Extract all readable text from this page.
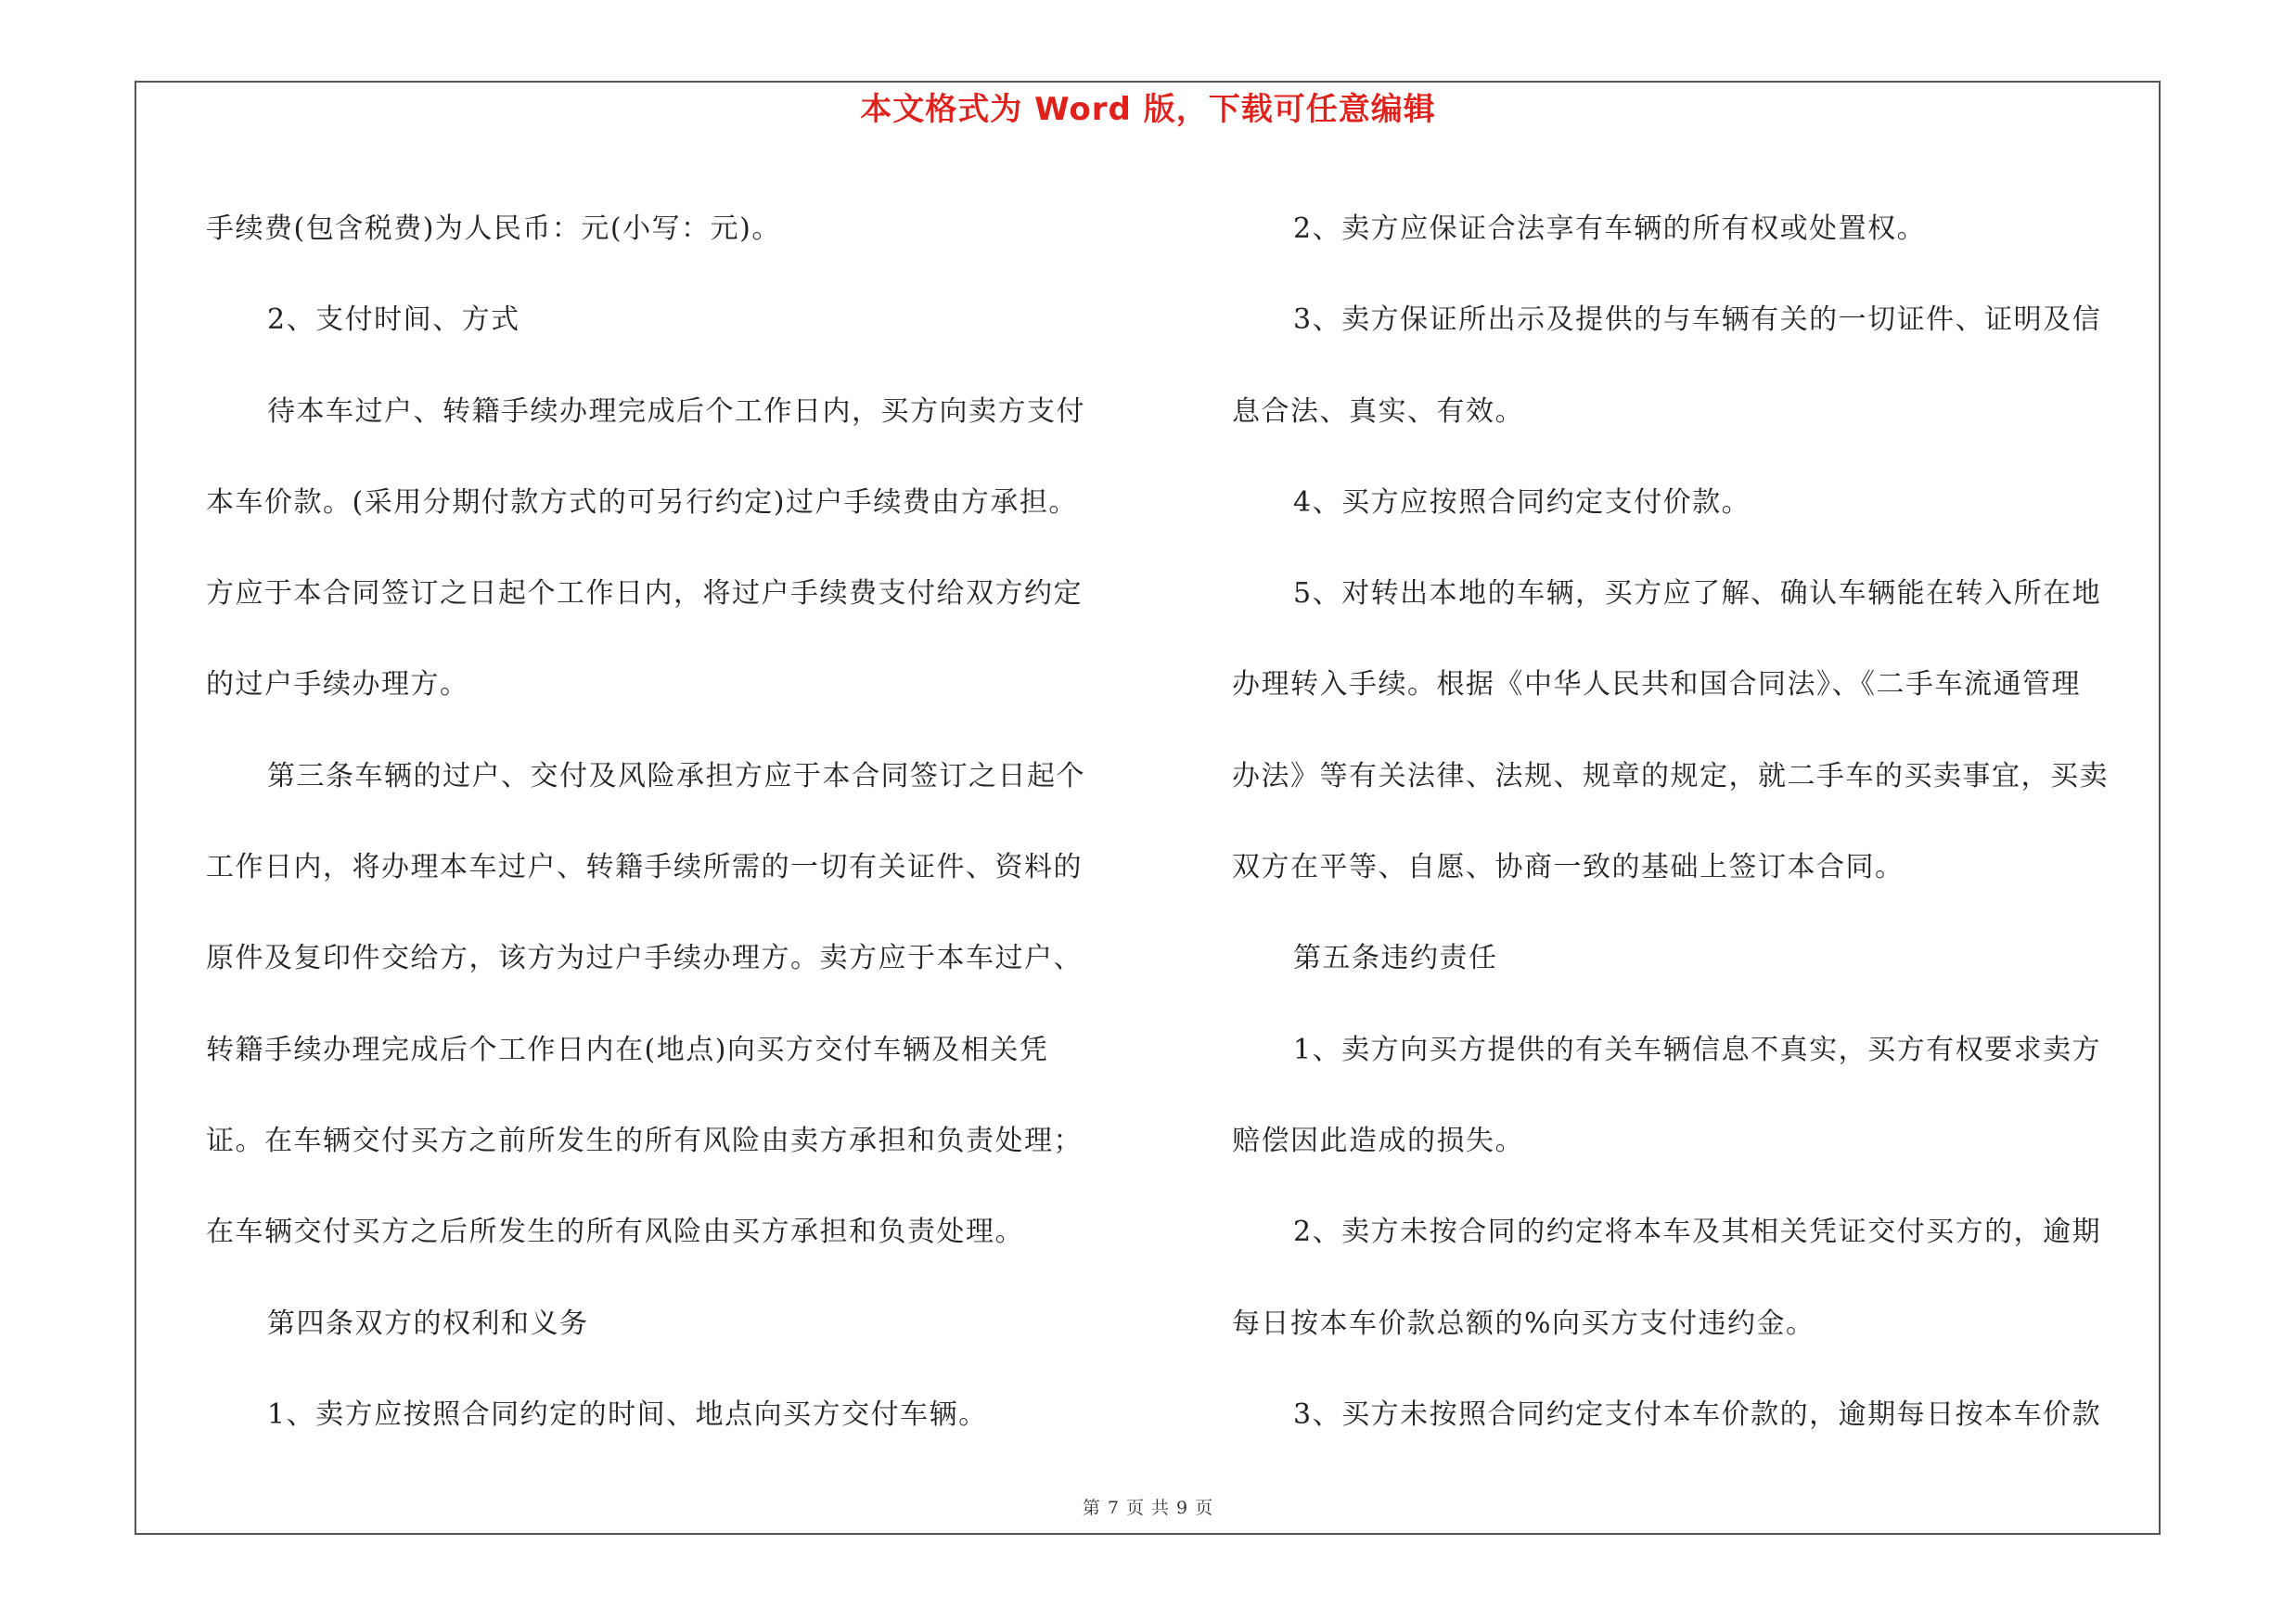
本文格式为 Word 版，下载可任意编辑

手续费(包含税费)为人民币：元(小写：元)。

2、支付时间、方式

待本车过户、转籍手续办理完成后个工作日内，买方向卖方支付

本车价款。(采用分期付款方式的可另行约定)过户手续费由方承担。

方应于本合同签订之日起个工作日内，将过户手续费支付给双方约定

的过户手续办理方。

第三条车辆的过户、交付及风险承担方应于本合同签订之日起个

工作日内，将办理本车过户、转籍手续所需的一切有关证件、资料的

原件及复印件交给方，该方为过户手续办理方。卖方应于本车过户、

转籍手续办理完成后个工作日内在(地点)向买方交付车辆及相关凭

证。在车辆交付买方之前所发生的所有风险由卖方承担和负责处理；

在车辆交付买方之后所发生的所有风险由买方承担和负责处理。

第四条双方的权利和义务

1、卖方应按照合同约定的时间、地点向买方交付车辆。

2、卖方应保证合法享有车辆的所有权或处置权。

3、卖方保证所出示及提供的与车辆有关的一切证件、证明及信

息合法、真实、有效。

4、买方应按照合同约定支付价款。

5、对转出本地的车辆，买方应了解、确认车辆能在转入所在地

办理转入手续。根据《中华人民共和国合同法》、《二手车流通管理

办法》等有关法律、法规、规章的规定，就二手车的买卖事宜，买卖

双方在平等、自愿、协商一致的基础上签订本合同。

第五条违约责任

1、卖方向买方提供的有关车辆信息不真实，买方有权要求卖方

赔偿因此造成的损失。

2、卖方未按合同的约定将本车及其相关凭证交付买方的，逾期

每日按本车价款总额的%向买方支付违约金。

3、买方未按照合同约定支付本车价款的，逾期每日按本车价款

第 7 页 共 9 页
